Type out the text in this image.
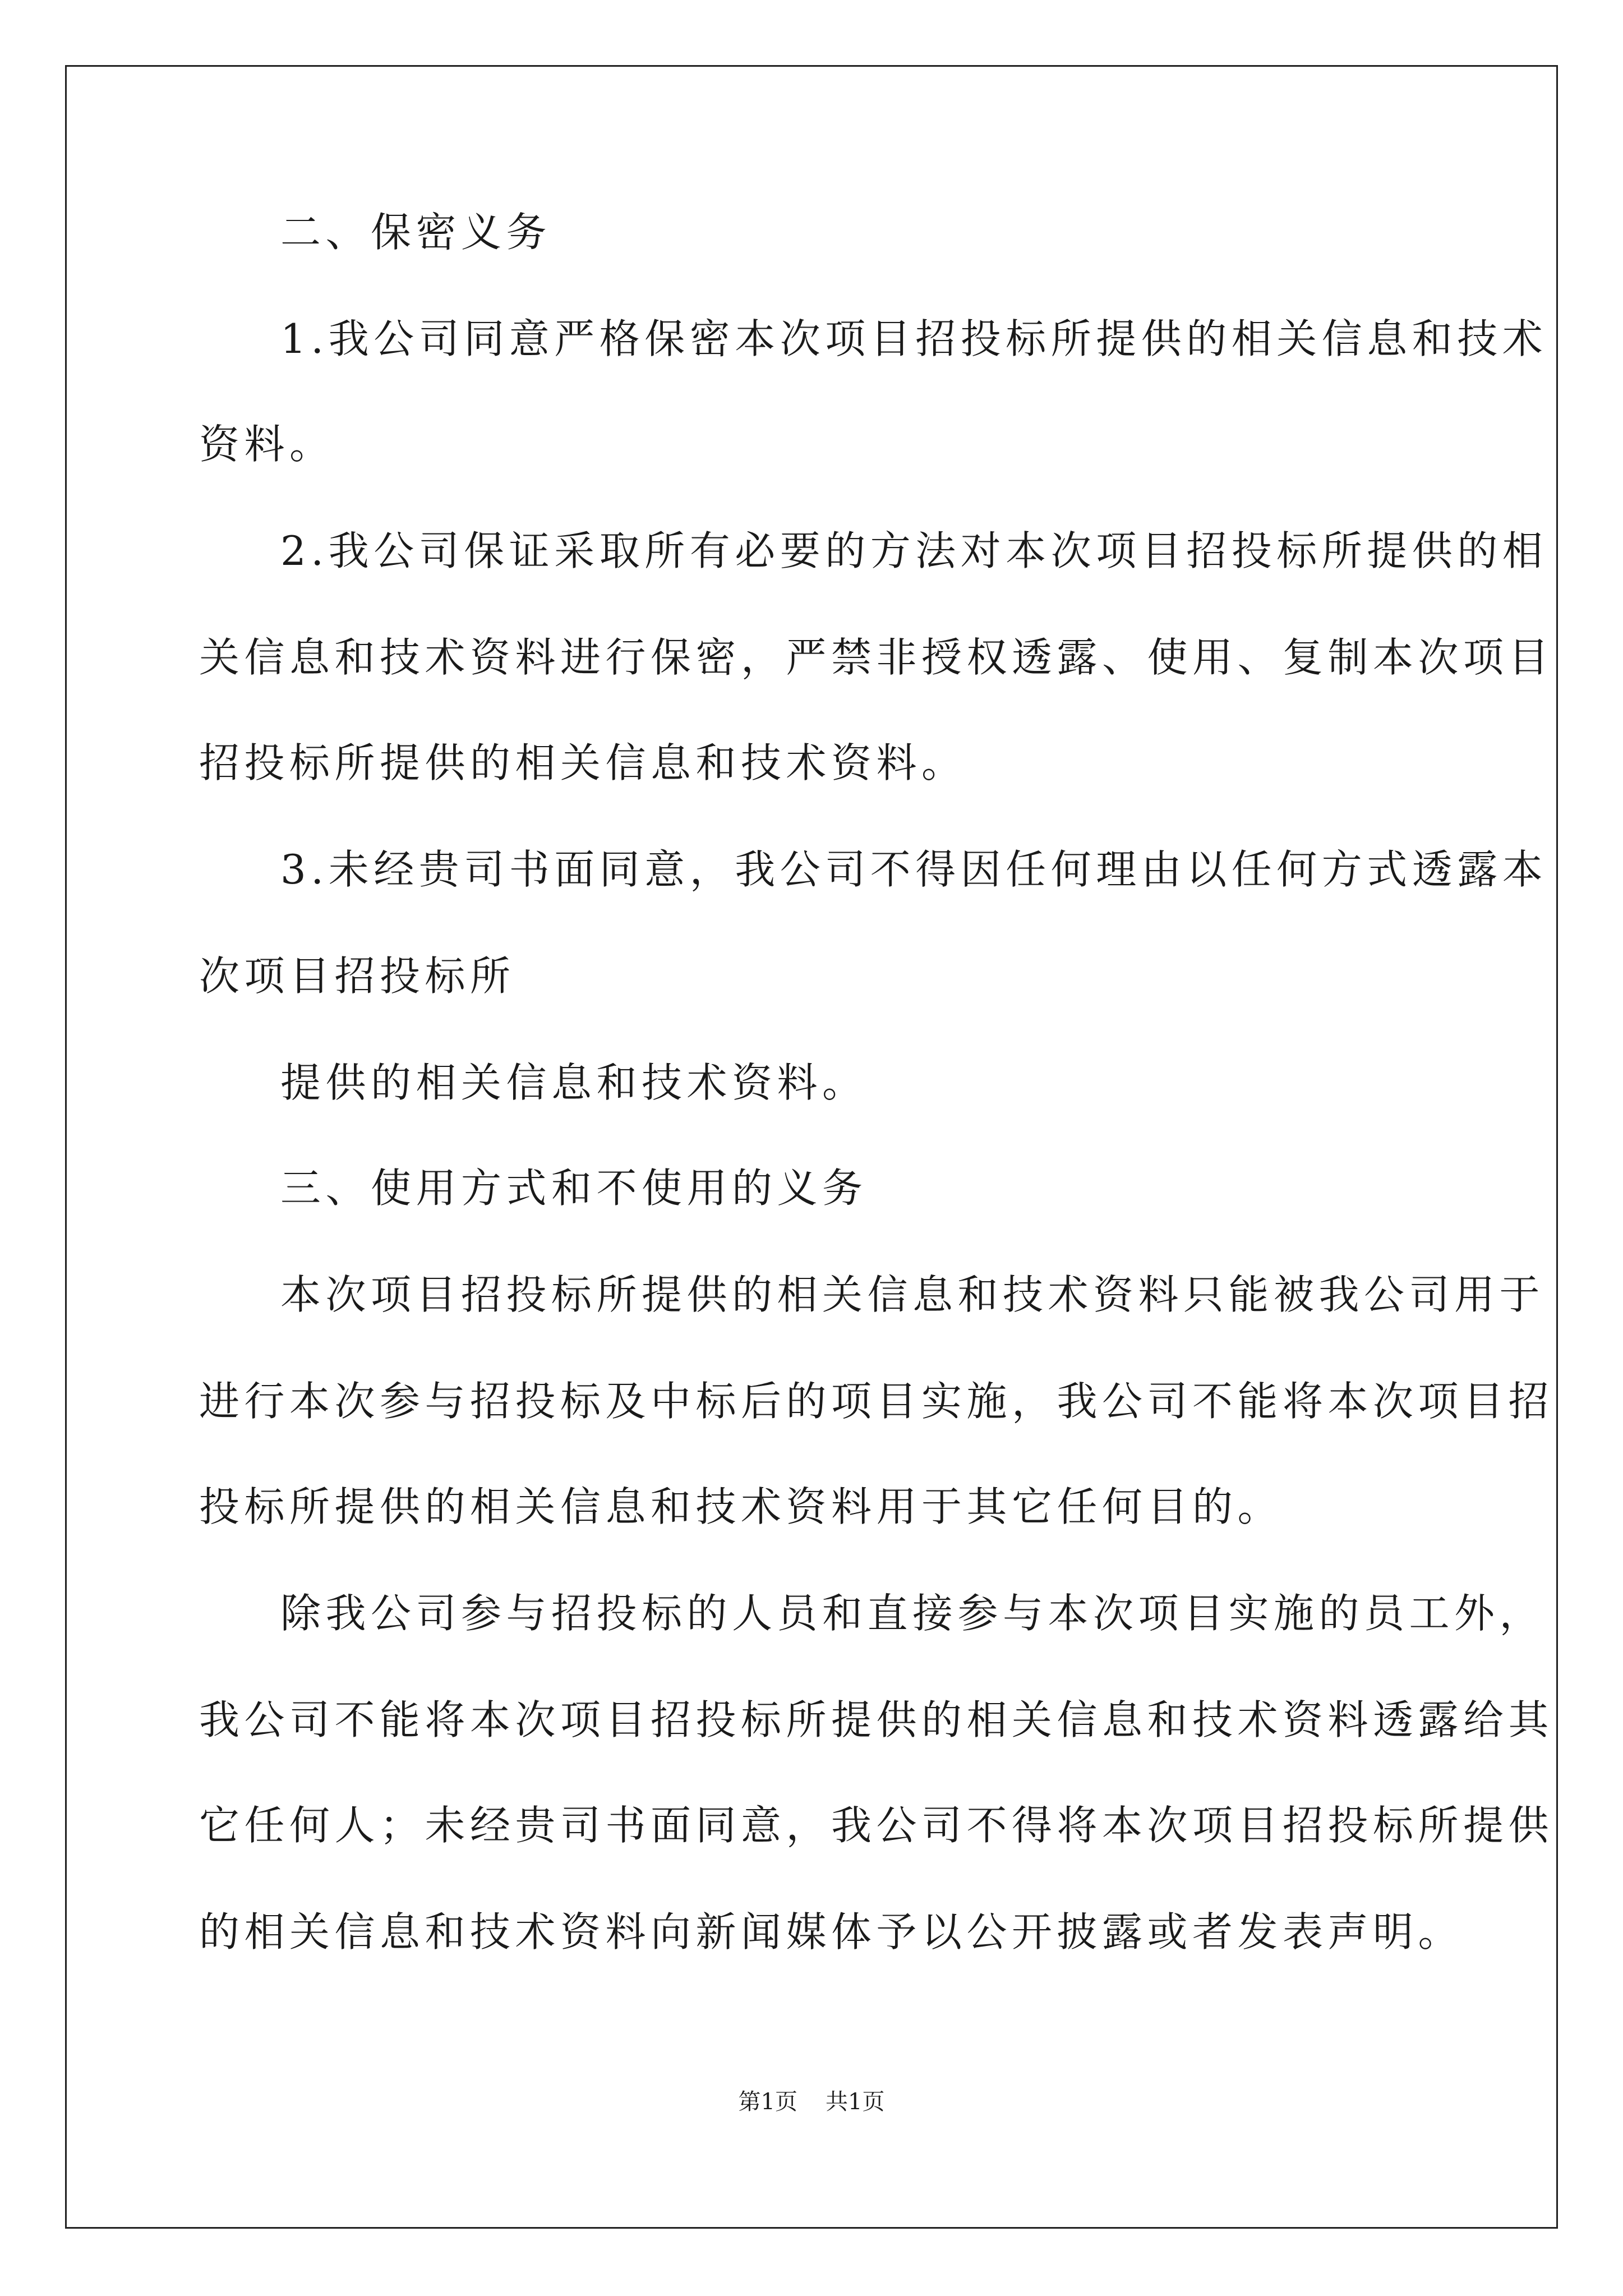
二、保密义务
1.我公司同意严格保密本次项目招投标所提供的相关信息和技术
资料。
2.我公司保证采取所有必要的方法对本次项目招投标所提供的相
关信息和技术资料进行保密，严禁非授权透露、使用、复制本次项目
招投标所提供的相关信息和技术资料。
3.未经贵司书面同意，我公司不得因任何理由以任何方式透露本
次项目招投标所
提供的相关信息和技术资料。
三、使用方式和不使用的义务
本次项目招投标所提供的相关信息和技术资料只能被我公司用于
进行本次参与招投标及中标后的项目实施，我公司不能将本次项目招
投标所提供的相关信息和技术资料用于其它任何目的。
除我公司参与招投标的人员和直接参与本次项目实施的员工外，
我公司不能将本次项目招投标所提供的相关信息和技术资料透露给其
它任何人；未经贵司书面同意，我公司不得将本次项目招投标所提供
的相关信息和技术资料向新闻媒体予以公开披露或者发表声明。
第1页 共1页
